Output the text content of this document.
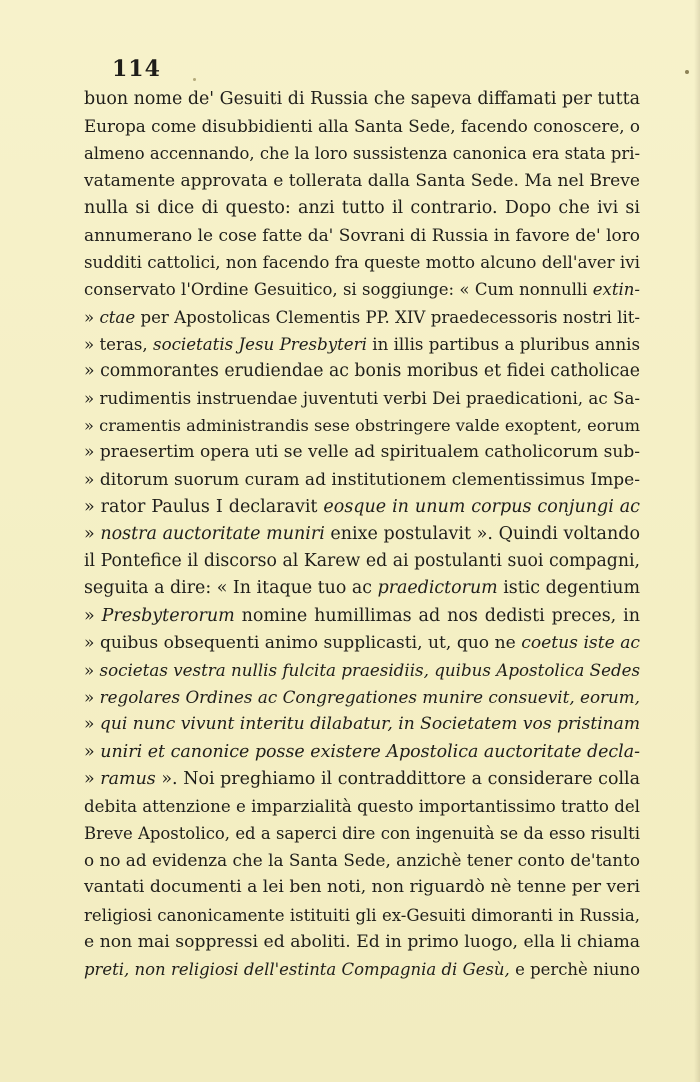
114
buon nome de' Gesuiti di Russia che sapeva diffamati per tutta
Europa come disubbidienti alla Santa Sede, facendo conoscere, o
almeno accennando, che la loro sussistenza canonica era stata pri-
vatamente approvata e tollerata dalla Santa Sede. Ma nel Breve
nulla si dice di questo: anzi tutto il contrario. Dopo che ivi si
annumerano le cose fatte da' Sovrani di Russia in favore de' loro
sudditi cattolici, non facendo fra queste motto alcuno dell'aver ivi
conservato l'Ordine Gesuitico, si soggiunge: « Cum nonnulli extin-
» ctae per Apostolicas Clementis PP. XIV praedecessoris nostri lit-
» teras, societatis Jesu Presbyteri in illis partibus a pluribus annis
» commorantes erudiendae ac bonis moribus et fidei catholicae
» rudimentis instruendae juventuti verbi Dei praedicationi, ac Sa-
» cramentis administrandis sese obstringere valde exoptent, eorum
» praesertim opera uti se velle ad spiritualem catholicorum sub-
» ditorum suorum curam ad institutionem clementissimus Impe-
» rator Paulus I declaravit eosque in unum corpus conjungi ac
» nostra auctoritate muniri enixe postulavit ». Quindi voltando
il Pontefice il discorso al Karew ed ai postulanti suoi compagni,
seguita a dire: « In itaque tuo ac praedictorum istic degentium
» Presbyterorum nomine humillimas ad nos dedisti preces, in
» quibus obsequenti animo supplicasti, ut, quo ne coetus iste ac
» societas vestra nullis fulcita praesidiis, quibus Apostolica Sedes
» regolares Ordines ac Congregationes munire consuevit, eorum,
» qui nunc vivunt interitu dilabatur, in Societatem vos pristinam
» uniri et canonice posse existere Apostolica auctoritate decla-
» ramus ». Noi preghiamo il contraddittore a considerare colla
debita attenzione e imparzialità questo importantissimo tratto del
Breve Apostolico, ed a saperci dire con ingenuità se da esso risulti
o no ad evidenza che la Santa Sede, anzichè tener conto de'tanto
vantati documenti a lei ben noti, non riguardò nè tenne per veri
religiosi canonicamente istituiti gli ex-Gesuiti dimoranti in Russia,
e non mai soppressi ed aboliti. Ed in primo luogo, ella li chiama
preti, non religiosi dell'estinta Compagnia di Gesù, e perchè niuno
